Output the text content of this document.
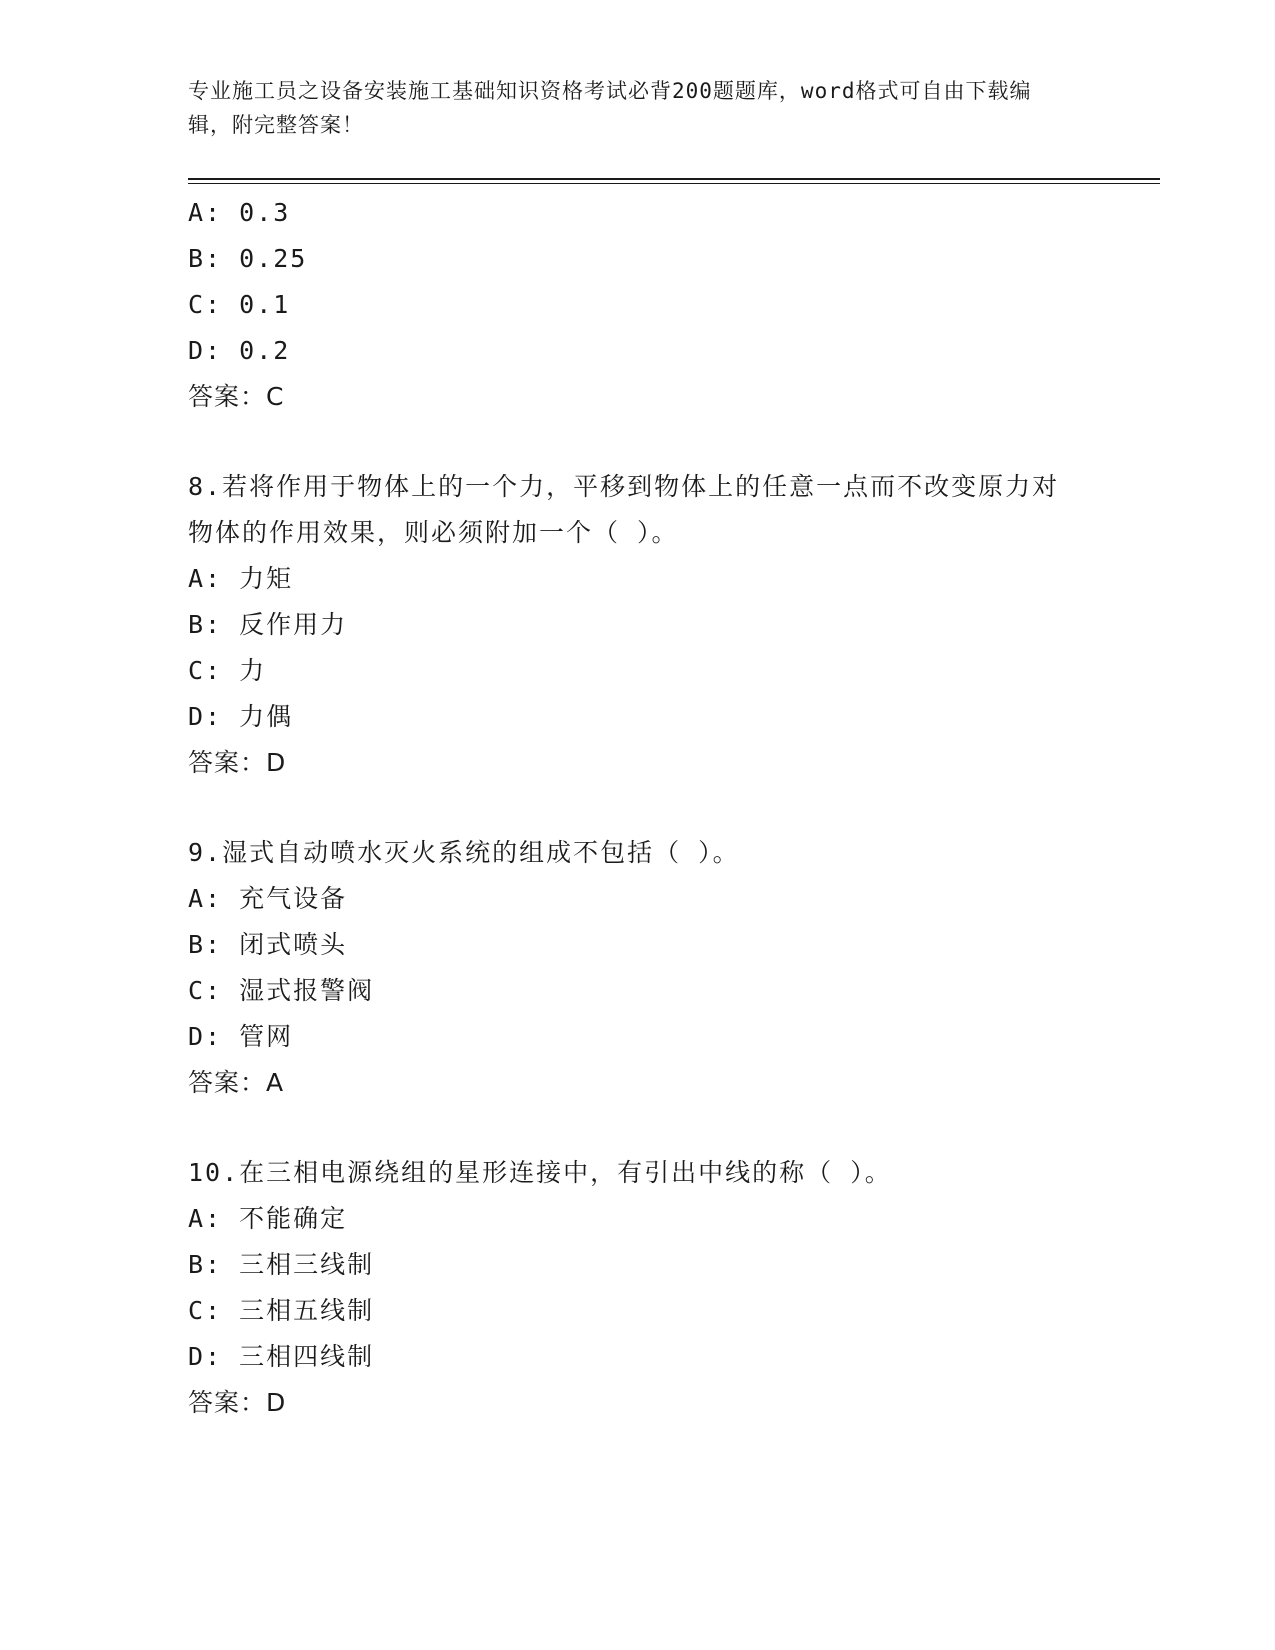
专业施工员之设备安装施工基础知识资格考试必背200题题库，word格式可自由下载编辑，附完整答案！
A: 0.3
B: 0.25
C: 0.1
D: 0.2
答案：C
8.若将作用于物体上的一个力，平移到物体上的任意一点而不改变原力对物体的作用效果，则必须附加一个（ ）。
A: 力矩
B: 反作用力
C: 力
D: 力偶
答案：D
9.湿式自动喷水灭火系统的组成不包括（ ）。
A: 充气设备
B: 闭式喷头
C: 湿式报警阀
D: 管网
答案：A
10.在三相电源绕组的星形连接中，有引出中线的称（ ）。
A: 不能确定
B: 三相三线制
C: 三相五线制
D: 三相四线制
答案：D
